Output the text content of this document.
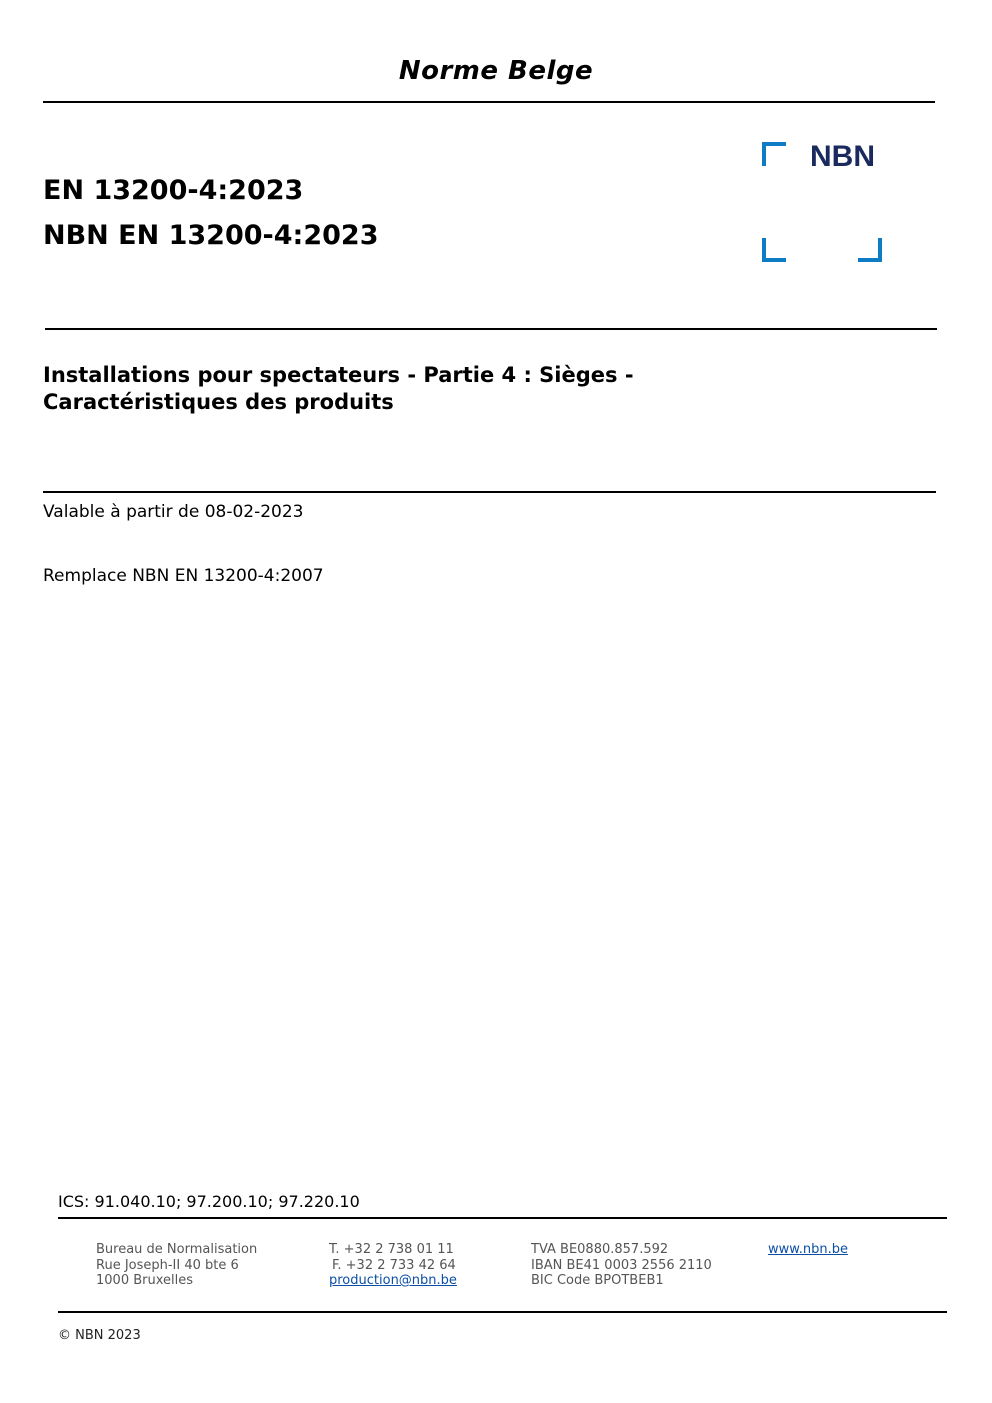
Norme Belge
EN 13200-4:2023
NBN EN 13200-4:2023
NBN
Installations pour spectateurs - Partie 4 : Sièges -
Caractéristiques des produits
Valable à partir de 08-02-2023
Remplace NBN EN 13200-4:2007
ICS: 91.040.10; 97.200.10; 97.220.10
Bureau de Normalisation
Rue Joseph-II 40 bte 6
1000 Bruxelles
T. +32 2 738 01 11
F. +32 2 733 42 64
production@nbn.be
TVA BE0880.857.592
IBAN BE41 0003 2556 2110
BIC Code BPOTBEB1
www.nbn.be
© NBN 2023
